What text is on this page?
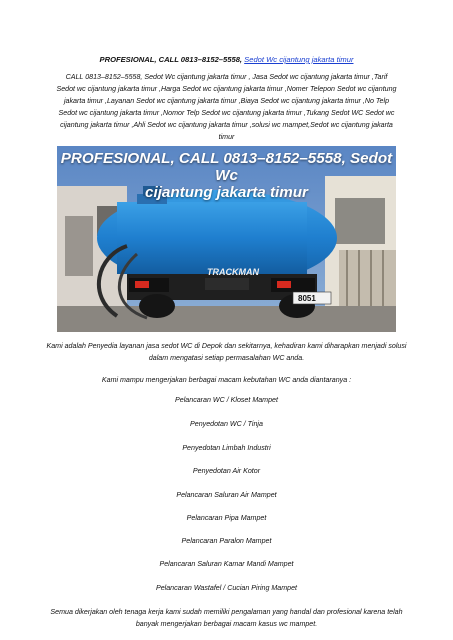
PROFESIONAL, CALL 0813–8152–5558, Sedot Wc cijantung jakarta timur
CALL 0813–8152–5558, Sedot Wc cijantung jakarta timur , Jasa Sedot wc cijantung jakarta timur ,Tarif Sedot wc cijantung jakarta timur ,Harga Sedot wc cijantung jakarta timur ,Nomer Telepon Sedot wc cijantung jakarta timur ,Layanan Sedot wc cijantung jakarta timur ,Biaya Sedot wc cijantung jakarta timur ,No Telp Sedot wc cijantung jakarta timur ,Nomor Telp Sedot wc cijantung jakarta timur ,Tukang Sedot WC Sedot wc cijantung jakarta timur ,Ahli Sedot wc cijantung jakarta timur ,solusi wc mampet,Sedot wc cijantung jakarta timur
TRACKMAN
8051
PROFESIONAL, CALL 0813–8152–5558, Sedot Wc
cijantung jakarta timur
Kami adalah Penyedia layanan jasa sedot WC di Depok dan sekitarnya, kehadiran kami diharapkan menjadi solusi dalam mengatasi setiap permasalahan WC anda.
Kami mampu mengerjakan berbagai macam kebutahan WC anda diantaranya :
Pelancaran WC / Kloset Mampet
Penyedotan WC / Tinja
Penyedotan Limbah Industri
Penyedotan Air Kotor
Pelancaran Saluran Air Mampet
Pelancaran Pipa Mampet
Pelancaran Paralon Mampet
Pelancaran Saluran Kamar Mandi Mampet
Pelancaran Wastafel / Cucian Piring Mampet
Semua dikerjakan oleh tenaga kerja kami sudah memiliki pengalaman yang handal dan profesional karena telah banyak mengerjakan berbagai macam kasus wc mampet.
